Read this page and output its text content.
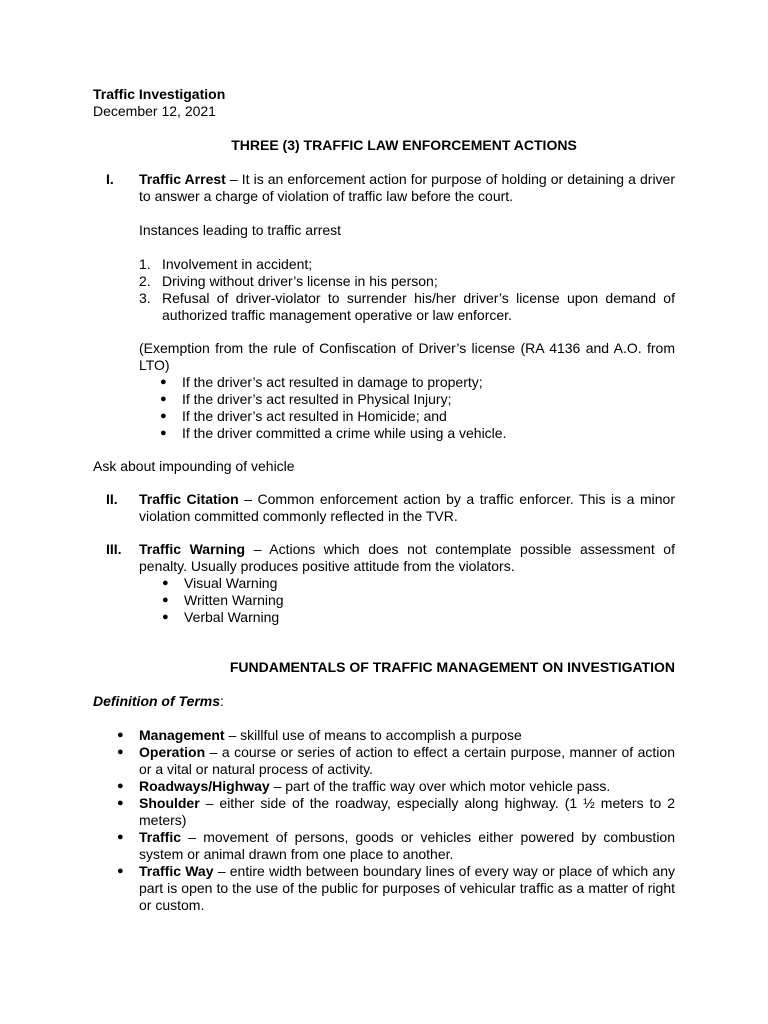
Traffic Investigation
December 12, 2021
THREE (3) TRAFFIC LAW ENFORCEMENT ACTIONS
I.	Traffic Arrest – It is an enforcement action for purpose of holding or detaining a driver to answer a charge of violation of traffic law before the court.
Instances leading to traffic arrest
1. Involvement in accident;
2. Driving without driver’s license in his person;
3. Refusal of driver-violator to surrender his/her driver’s license upon demand of authorized traffic management operative or law enforcer.
(Exemption from the rule of Confiscation of Driver’s license (RA 4136 and A.O. from LTO)
●	If the driver’s act resulted in damage to property;
●	If the driver’s act resulted in Physical Injury;
●	If the driver’s act resulted in Homicide; and
●	If the driver committed a crime while using a vehicle.
Ask about impounding of vehicle
II.	Traffic Citation – Common enforcement action by a traffic enforcer. This is a minor violation committed commonly reflected in the TVR.
III.	Traffic Warning – Actions which does not contemplate possible assessment of penalty. Usually produces positive attitude from the violators.
●	Visual Warning
●	Written Warning
●	Verbal Warning
FUNDAMENTALS OF TRAFFIC MANAGEMENT ON INVESTIGATION
Definition of Terms:
●	Management – skillful use of means to accomplish a purpose
●	Operation – a course or series of action to effect a certain purpose, manner of action or a vital or natural process of activity.
●	Roadways/Highway – part of the traffic way over which motor vehicle pass.
●	Shoulder – either side of the roadway, especially along highway. (1 ½ meters to 2 meters)
●	Traffic – movement of persons, goods or vehicles either powered by combustion system or animal drawn from one place to another.
●	Traffic Way – entire width between boundary lines of every way or place of which any part is open to the use of the public for purposes of vehicular traffic as a matter of right or custom.
